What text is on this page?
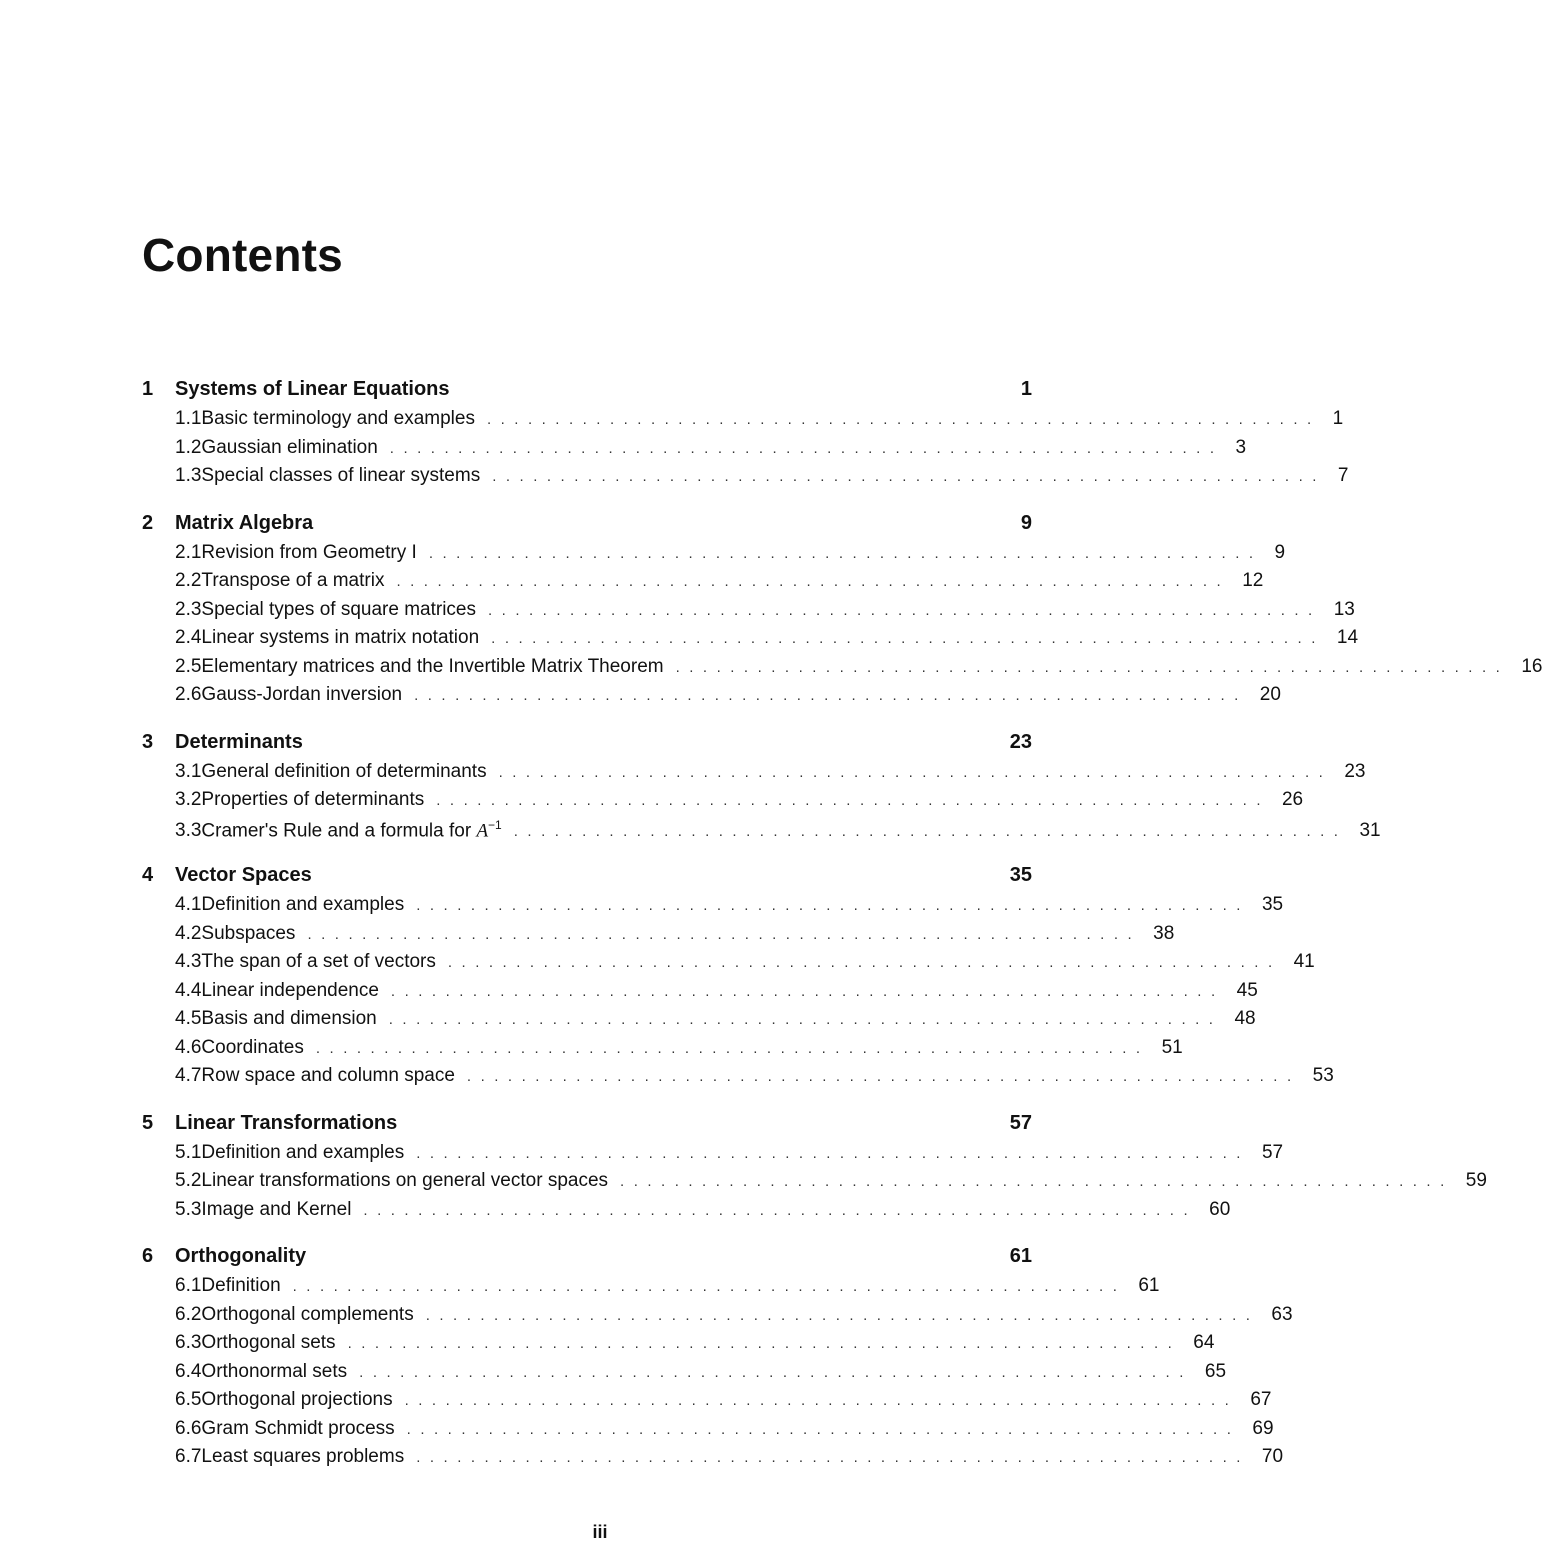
Contents
1	Systems of Linear Equations	1
1.1 Basic terminology and examples ............................................................. 1
1.2 Gaussian elimination ............................................................. 3
1.3 Special classes of linear systems ............................................................. 7
2	Matrix Algebra	9
2.1 Revision from Geometry I ............................................................. 9
2.2 Transpose of a matrix ............................................................. 12
2.3 Special types of square matrices ............................................................. 13
2.4 Linear systems in matrix notation ............................................................. 14
2.5 Elementary matrices and the Invertible Matrix Theorem ............................................................. 16
2.6 Gauss-Jordan inversion ............................................................. 20
3	Determinants	23
3.1 General definition of determinants ............................................................. 23
3.2 Properties of determinants ............................................................. 26
3.3 Cramer's Rule and a formula for $A^{-1}$ ............................................................. 31
4	Vector Spaces	35
4.1 Definition and examples ............................................................. 35
4.2 Subspaces ............................................................. 38
4.3 The span of a set of vectors ............................................................. 41
4.4 Linear independence ............................................................. 45
4.5 Basis and dimension ............................................................. 48
4.6 Coordinates ............................................................. 51
4.7 Row space and column space ............................................................. 53
5	Linear Transformations	57
5.1 Definition and examples ............................................................. 57
5.2 Linear transformations on general vector spaces ............................................................. 59
5.3 Image and Kernel ............................................................. 60
6	Orthogonality	61
6.1 Definition ............................................................. 61
6.2 Orthogonal complements ............................................................. 63
6.3 Orthogonal sets ............................................................. 64
6.4 Orthonormal sets ............................................................. 65
6.5 Orthogonal projections ............................................................. 67
6.6 Gram Schmidt process ............................................................. 69
6.7 Least squares problems ............................................................. 70
iii
